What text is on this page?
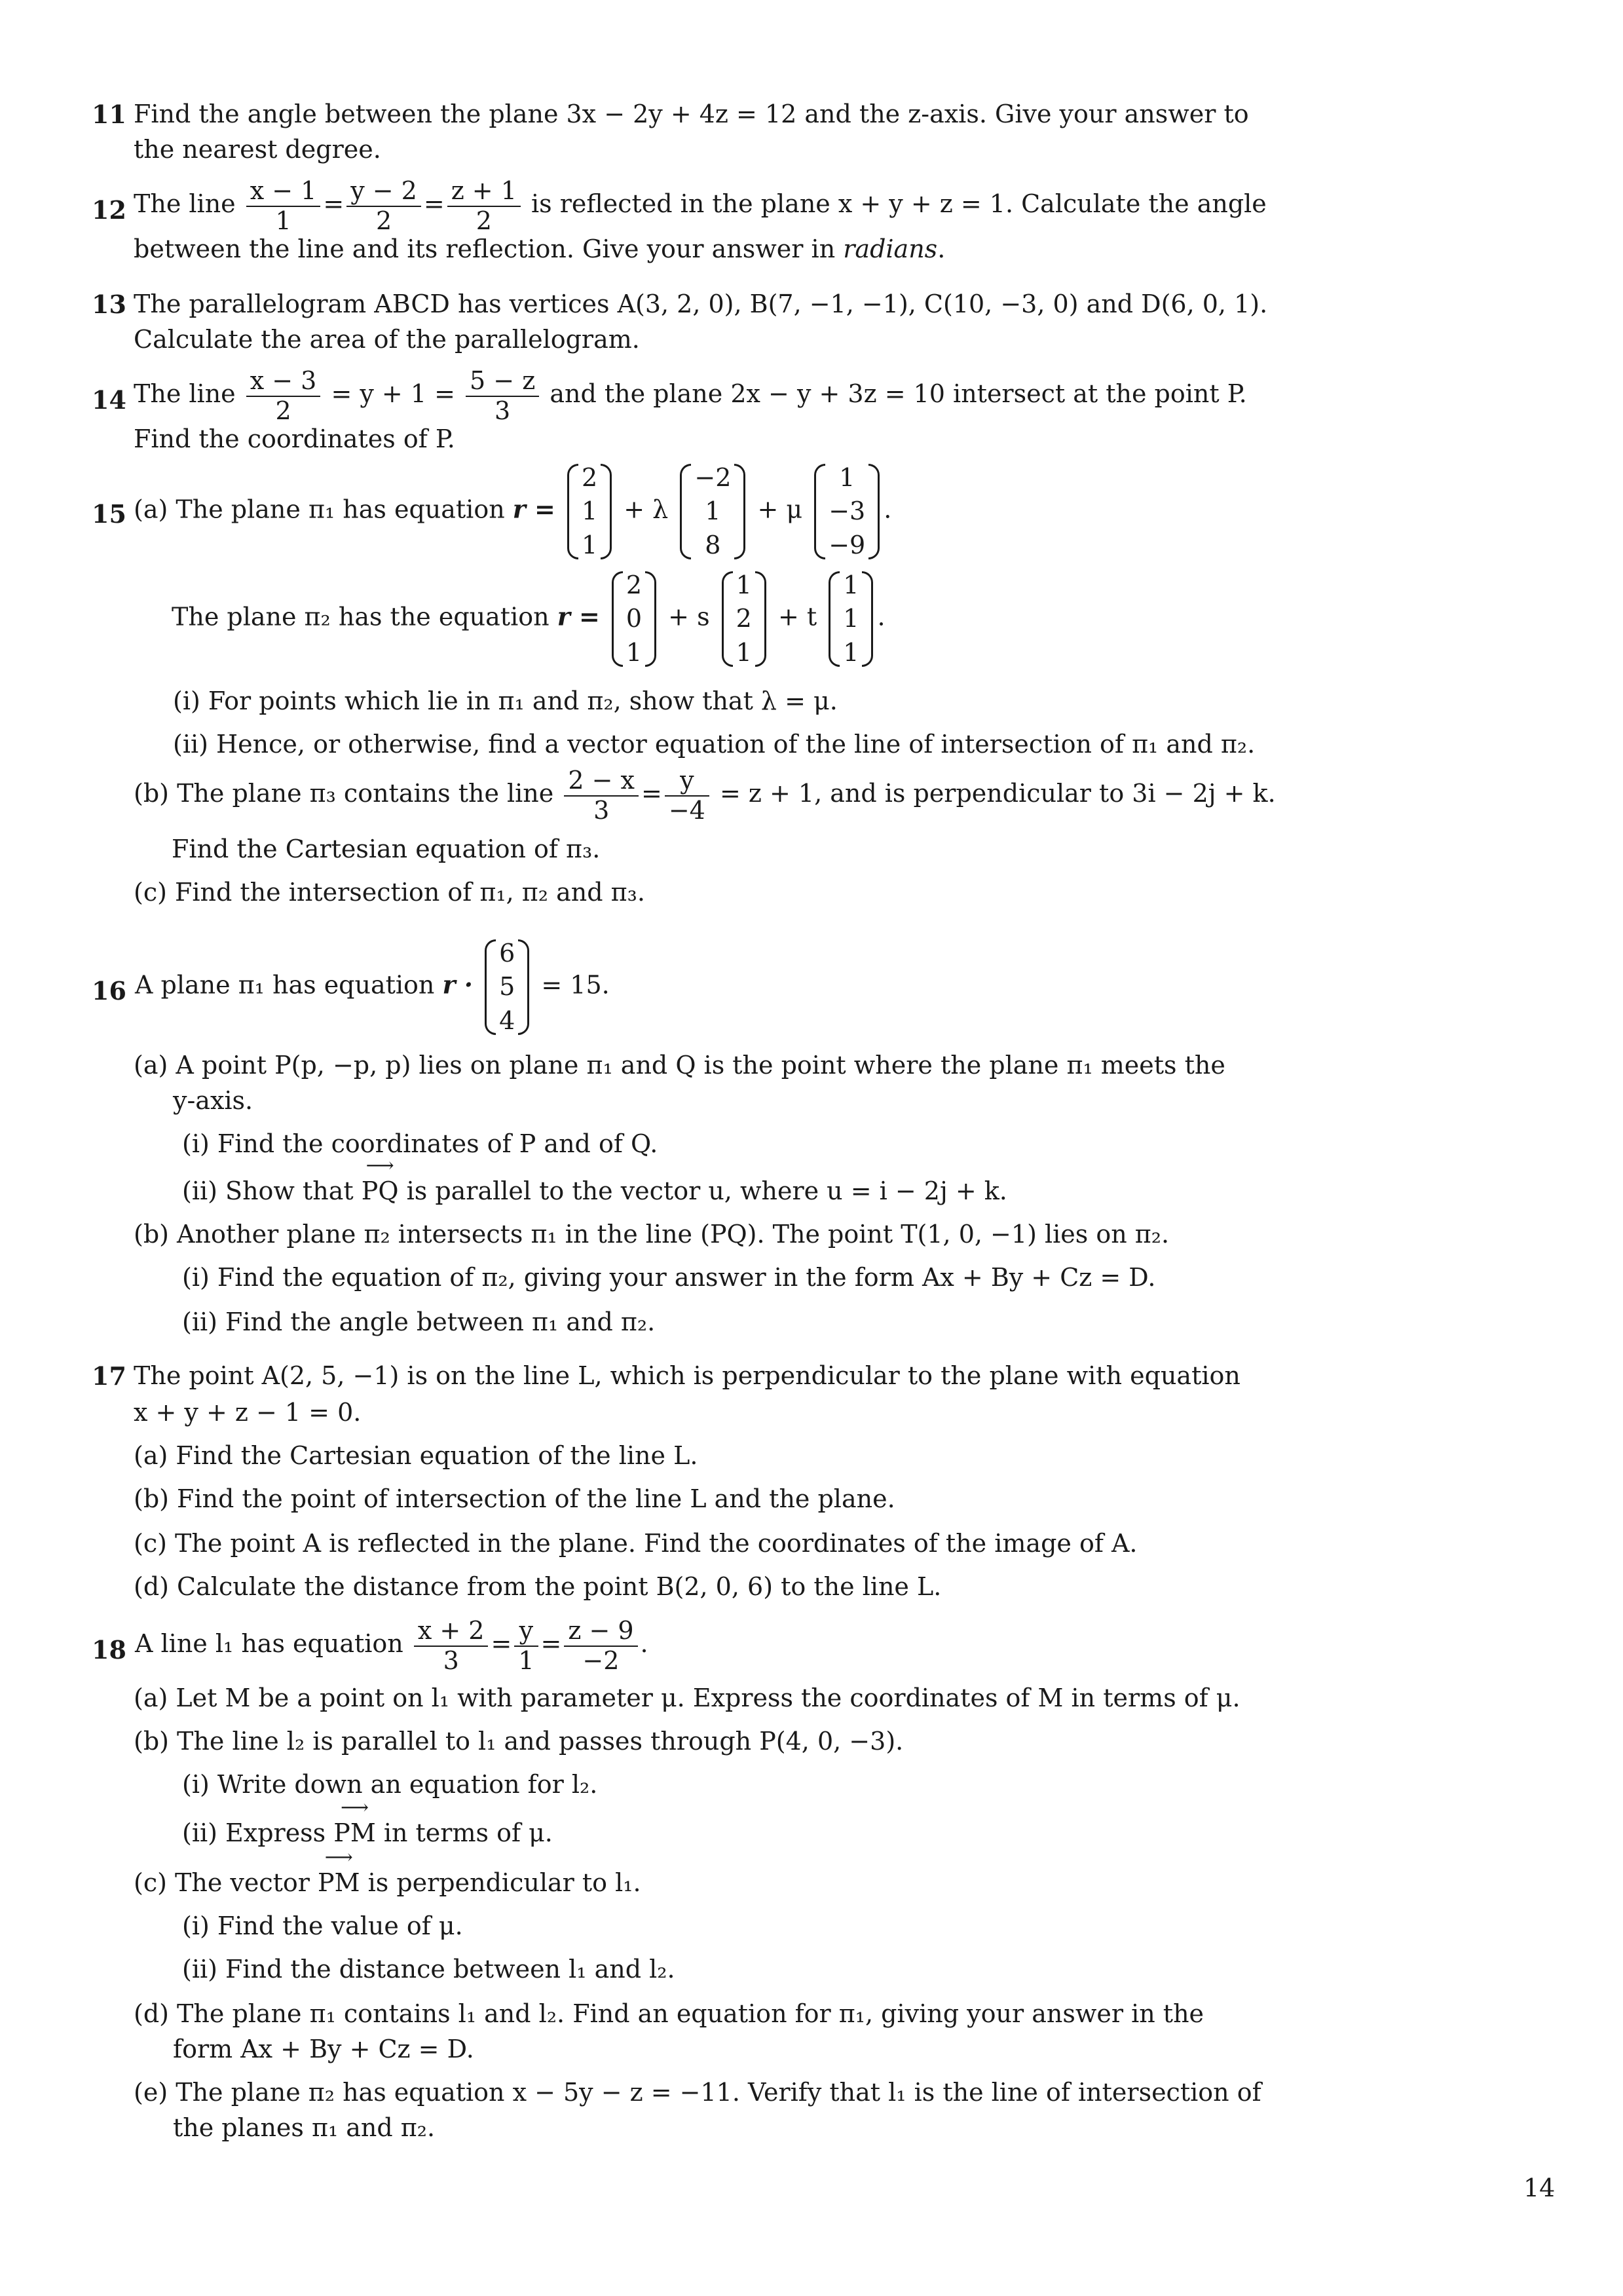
11 Find the angle between the plane 3x − 2y + 4z = 12 and the z-axis. Give your answer to
the nearest degree.
12 The line $\frac{x - 1}{1} = \frac{y - 2}{2} = \frac{z + 1}{2}$ is reflected in the plane x + y + z = 1. Calculate the angle
between the line and its reflection. Give your answer in radians.
13 The parallelogram ABCD has vertices A(3, 2, 0), B(7, −1, −1), C(10, −3, 0) and D(6, 0, 1).
Calculate the area of the parallelogram.
14 The line $\frac{x - 3}{2} = y + 1 = \frac{5 - z}{3}$ and the plane 2x − y + 3z = 10 intersect at the point P.
Find the coordinates of P.
15 (a) The plane π₁ has equation r =
2
1
1
+ λ
−2
1
8
+ μ
1
−3
−9
.
The plane π₂ has the equation r =
2
0
1
+ s
1
2
1
+ t
1
1
1
.
(i) For points which lie in π₁ and π₂, show that λ = μ.
(ii) Hence, or otherwise, find a vector equation of the line of intersection of π₁ and π₂.
(b) The plane π₃ contains the line $\frac{2 - x}{3} = \frac{y}{-4} = z + 1$, and is perpendicular to 3i − 2j + k.
Find the Cartesian equation of π₃.
(c) Find the intersection of π₁, π₂ and π₃.
16 A plane π₁ has equation r ·
6
5
4
= 15.
(a) A point P(p, −p, p) lies on plane π₁ and Q is the point where the plane π₁ meets the
y-axis.
(i) Find the coordinates of P and of Q.
(ii) Show that ⟶ PQ is parallel to the vector u, where u = i − 2j + k.
(b) Another plane π₂ intersects π₁ in the line (PQ). The point T(1, 0, −1) lies on π₂.
(i) Find the equation of π₂, giving your answer in the form Ax + By + Cz = D.
(ii) Find the angle between π₁ and π₂.
17 The point A(2, 5, −1) is on the line L, which is perpendicular to the plane with equation
x + y + z − 1 = 0.
(a) Find the Cartesian equation of the line L.
(b) Find the point of intersection of the line L and the plane.
(c) The point A is reflected in the plane. Find the coordinates of the image of A.
(d) Calculate the distance from the point B(2, 0, 6) to the line L.
18 A line l₁ has equation $\frac{x + 2}{3} = \frac{y}{1} = \frac{z - 9}{-2}$ .
(a) Let M be a point on l₁ with parameter μ. Express the coordinates of M in terms of μ.
(b) The line l₂ is parallel to l₁ and passes through P(4, 0, −3).
(i) Write down an equation for l₂.
(ii) Express ⟶ PM in terms of μ.
(c) The vector ⟶ PM is perpendicular to l₁.
(i) Find the value of μ.
(ii) Find the distance between l₁ and l₂.
(d) The plane π₁ contains l₁ and l₂. Find an equation for π₁, giving your answer in the
form Ax + By + Cz = D.
(e) The plane π₂ has equation x − 5y − z = −11. Verify that l₁ is the line of intersection of
the planes π₁ and π₂.
14
